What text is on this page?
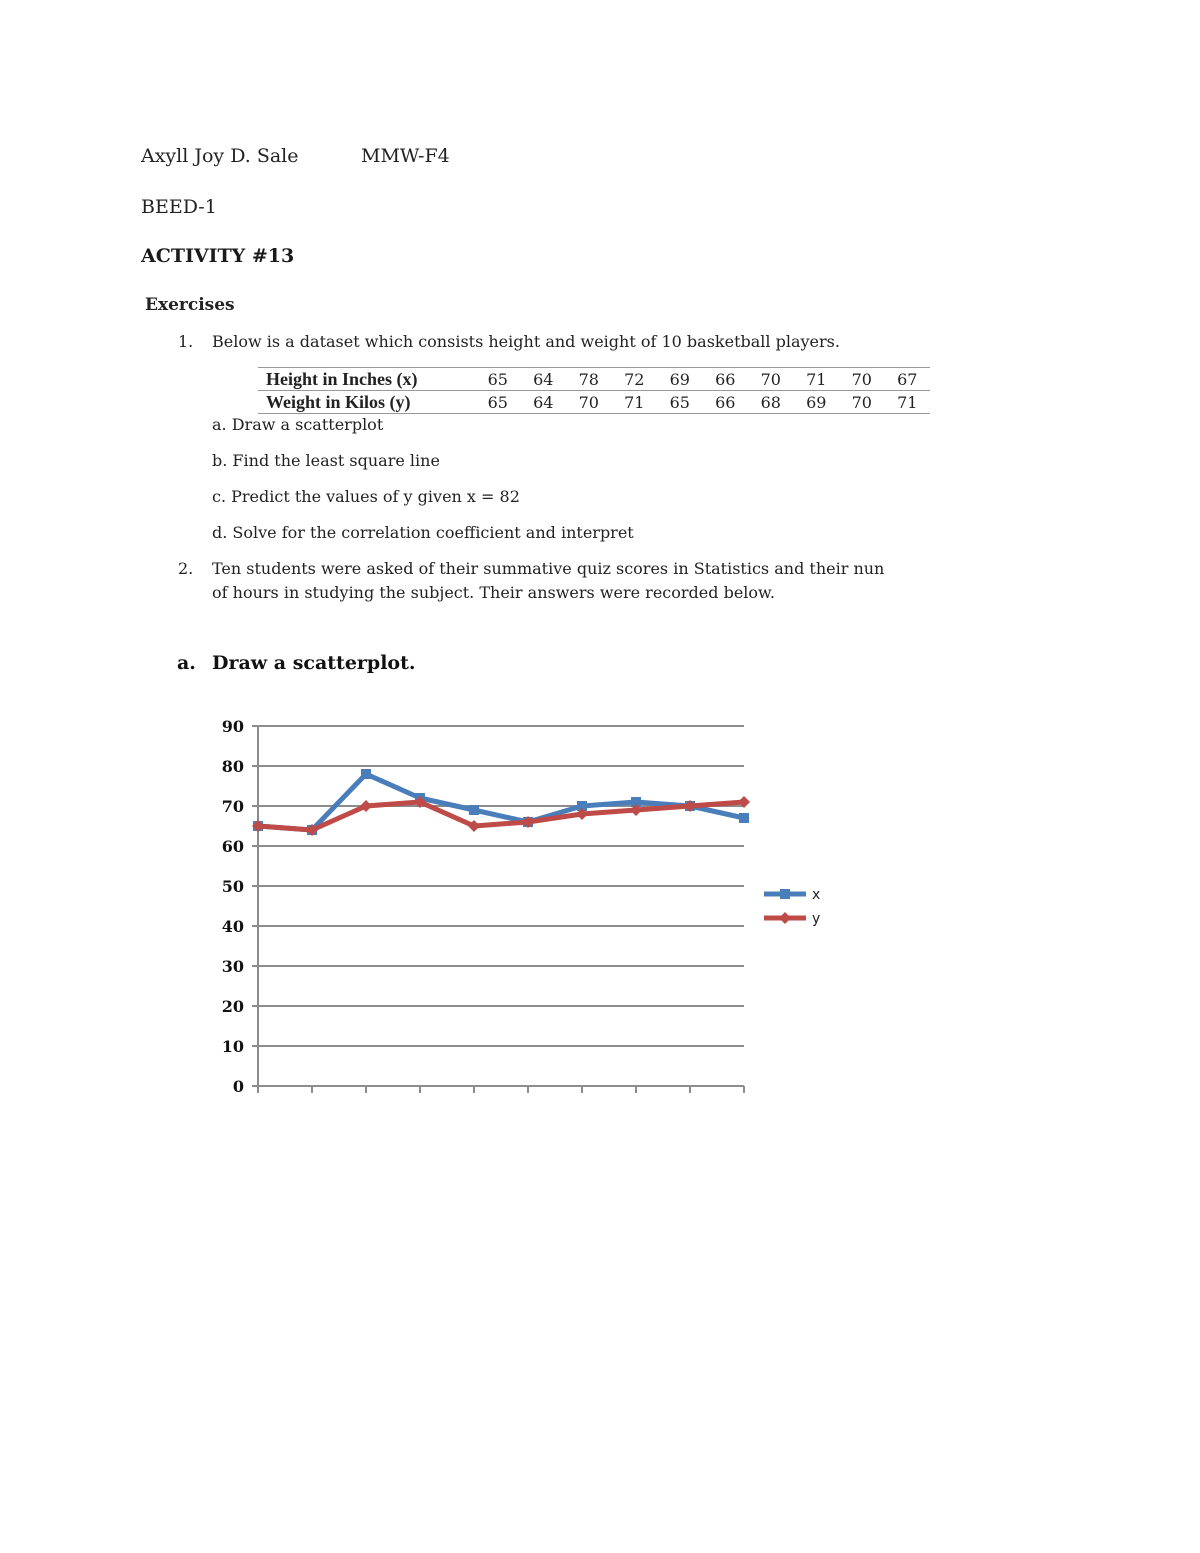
Axyll Joy D. Sale	MMW-F4
BEED-1
ACTIVITY #13
Exercises
1. Below is a dataset which consists height and weight of 10 basketball players.
Height in Inches (x)	65	64	78	72	69	66	70	71	70	67
Weight in Kilos (y)	65	64	70	71	65	66	68	69	70	71
a. Draw a scatterplot
b. Find the least square line
c. Predict the values of y given x = 82
d. Solve for the correlation coefficient and interpret
2. Ten students were asked of their summative quiz scores in Statistics and their nun
of hours in studying the subject. Their answers were recorded below.
a. Draw a scatterplot.
0
10
20
30
40
50
60
70
80
90
x
y
